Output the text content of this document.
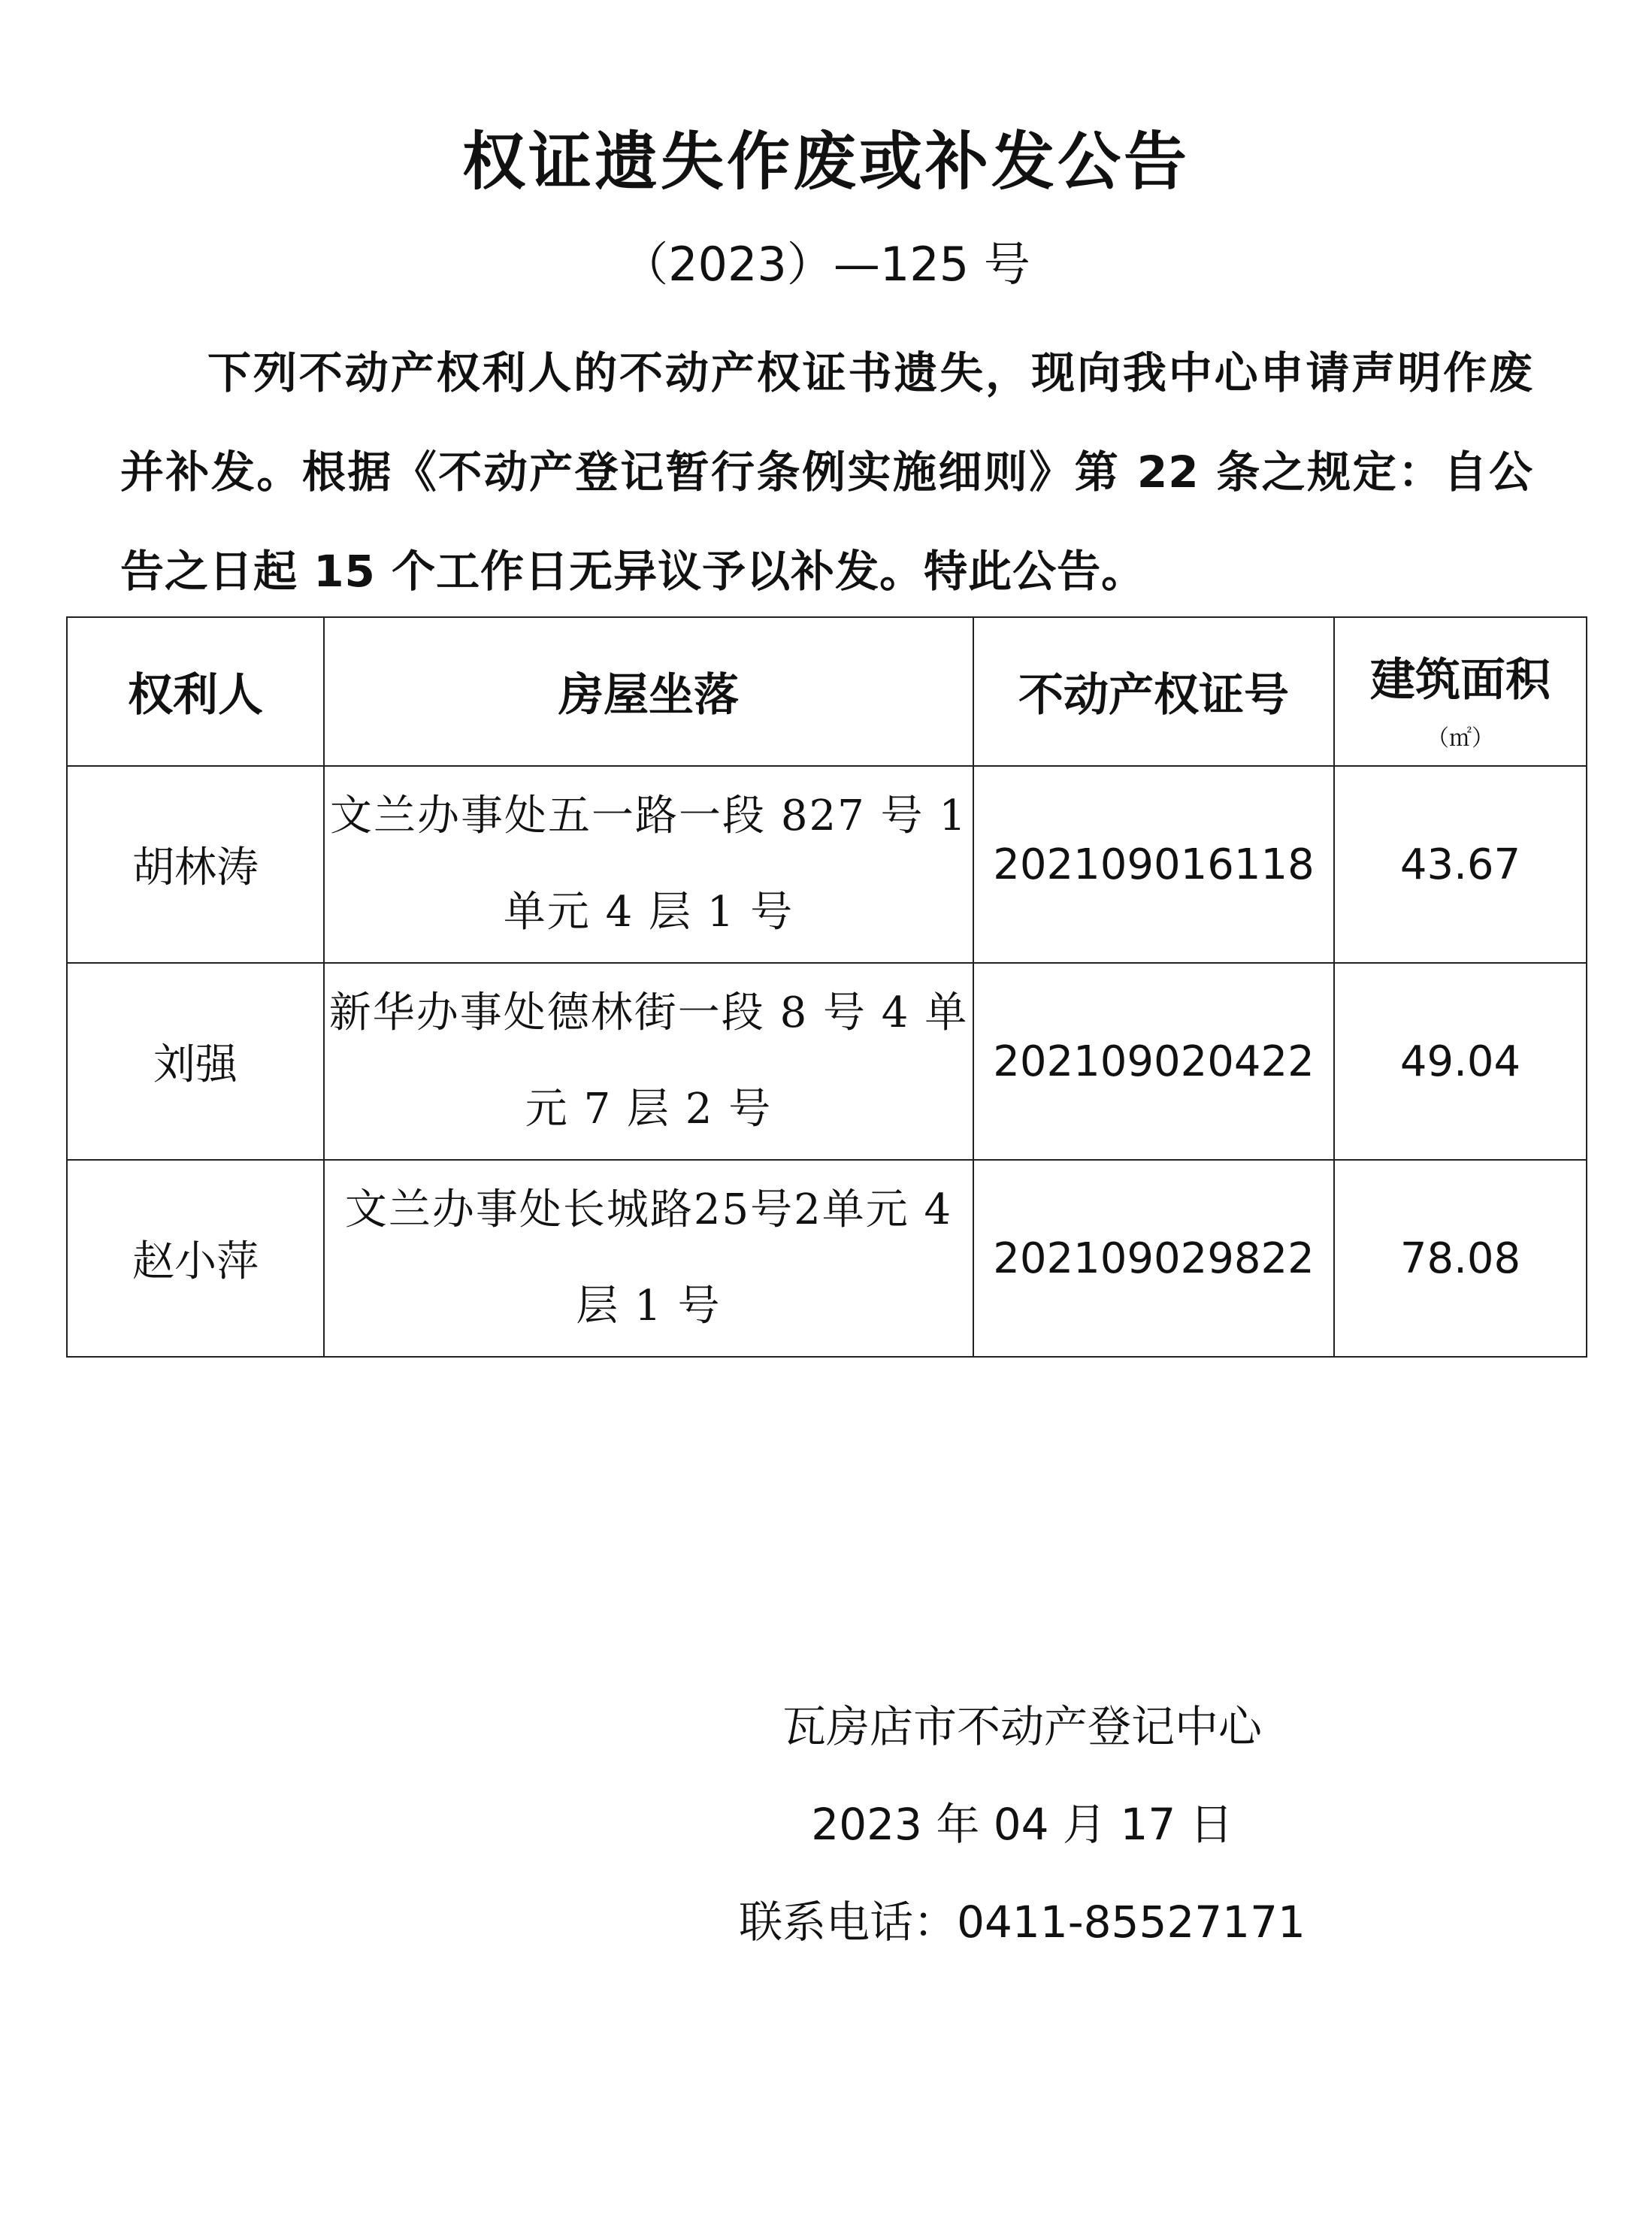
权证遗失作废或补发公告
（2023）—125 号
下列不动产权利人的不动产权证书遗失，现向我中心申请声明作废并补发。根据《不动产登记暂行条例实施细则》第 22 条之规定：自公告之日起 15 个工作日无异议予以补发。特此公告。
权利人	房屋坐落	不动产权证号	建筑面积
（㎡）

胡林涛	文兰办事处五一路一段 827 号 1 单元 4 层 1 号	202109016118	43.67
刘强	新华办事处德林街一段 8 号 4 单元 7 层 2 号	202109020422	49.04
赵小萍	文兰办事处长城路25号2单元 4 层 1 号	202109029822	78.08
瓦房店市不动产登记中心
2023 年 04 月 17 日
联系电话：0411-85527171
